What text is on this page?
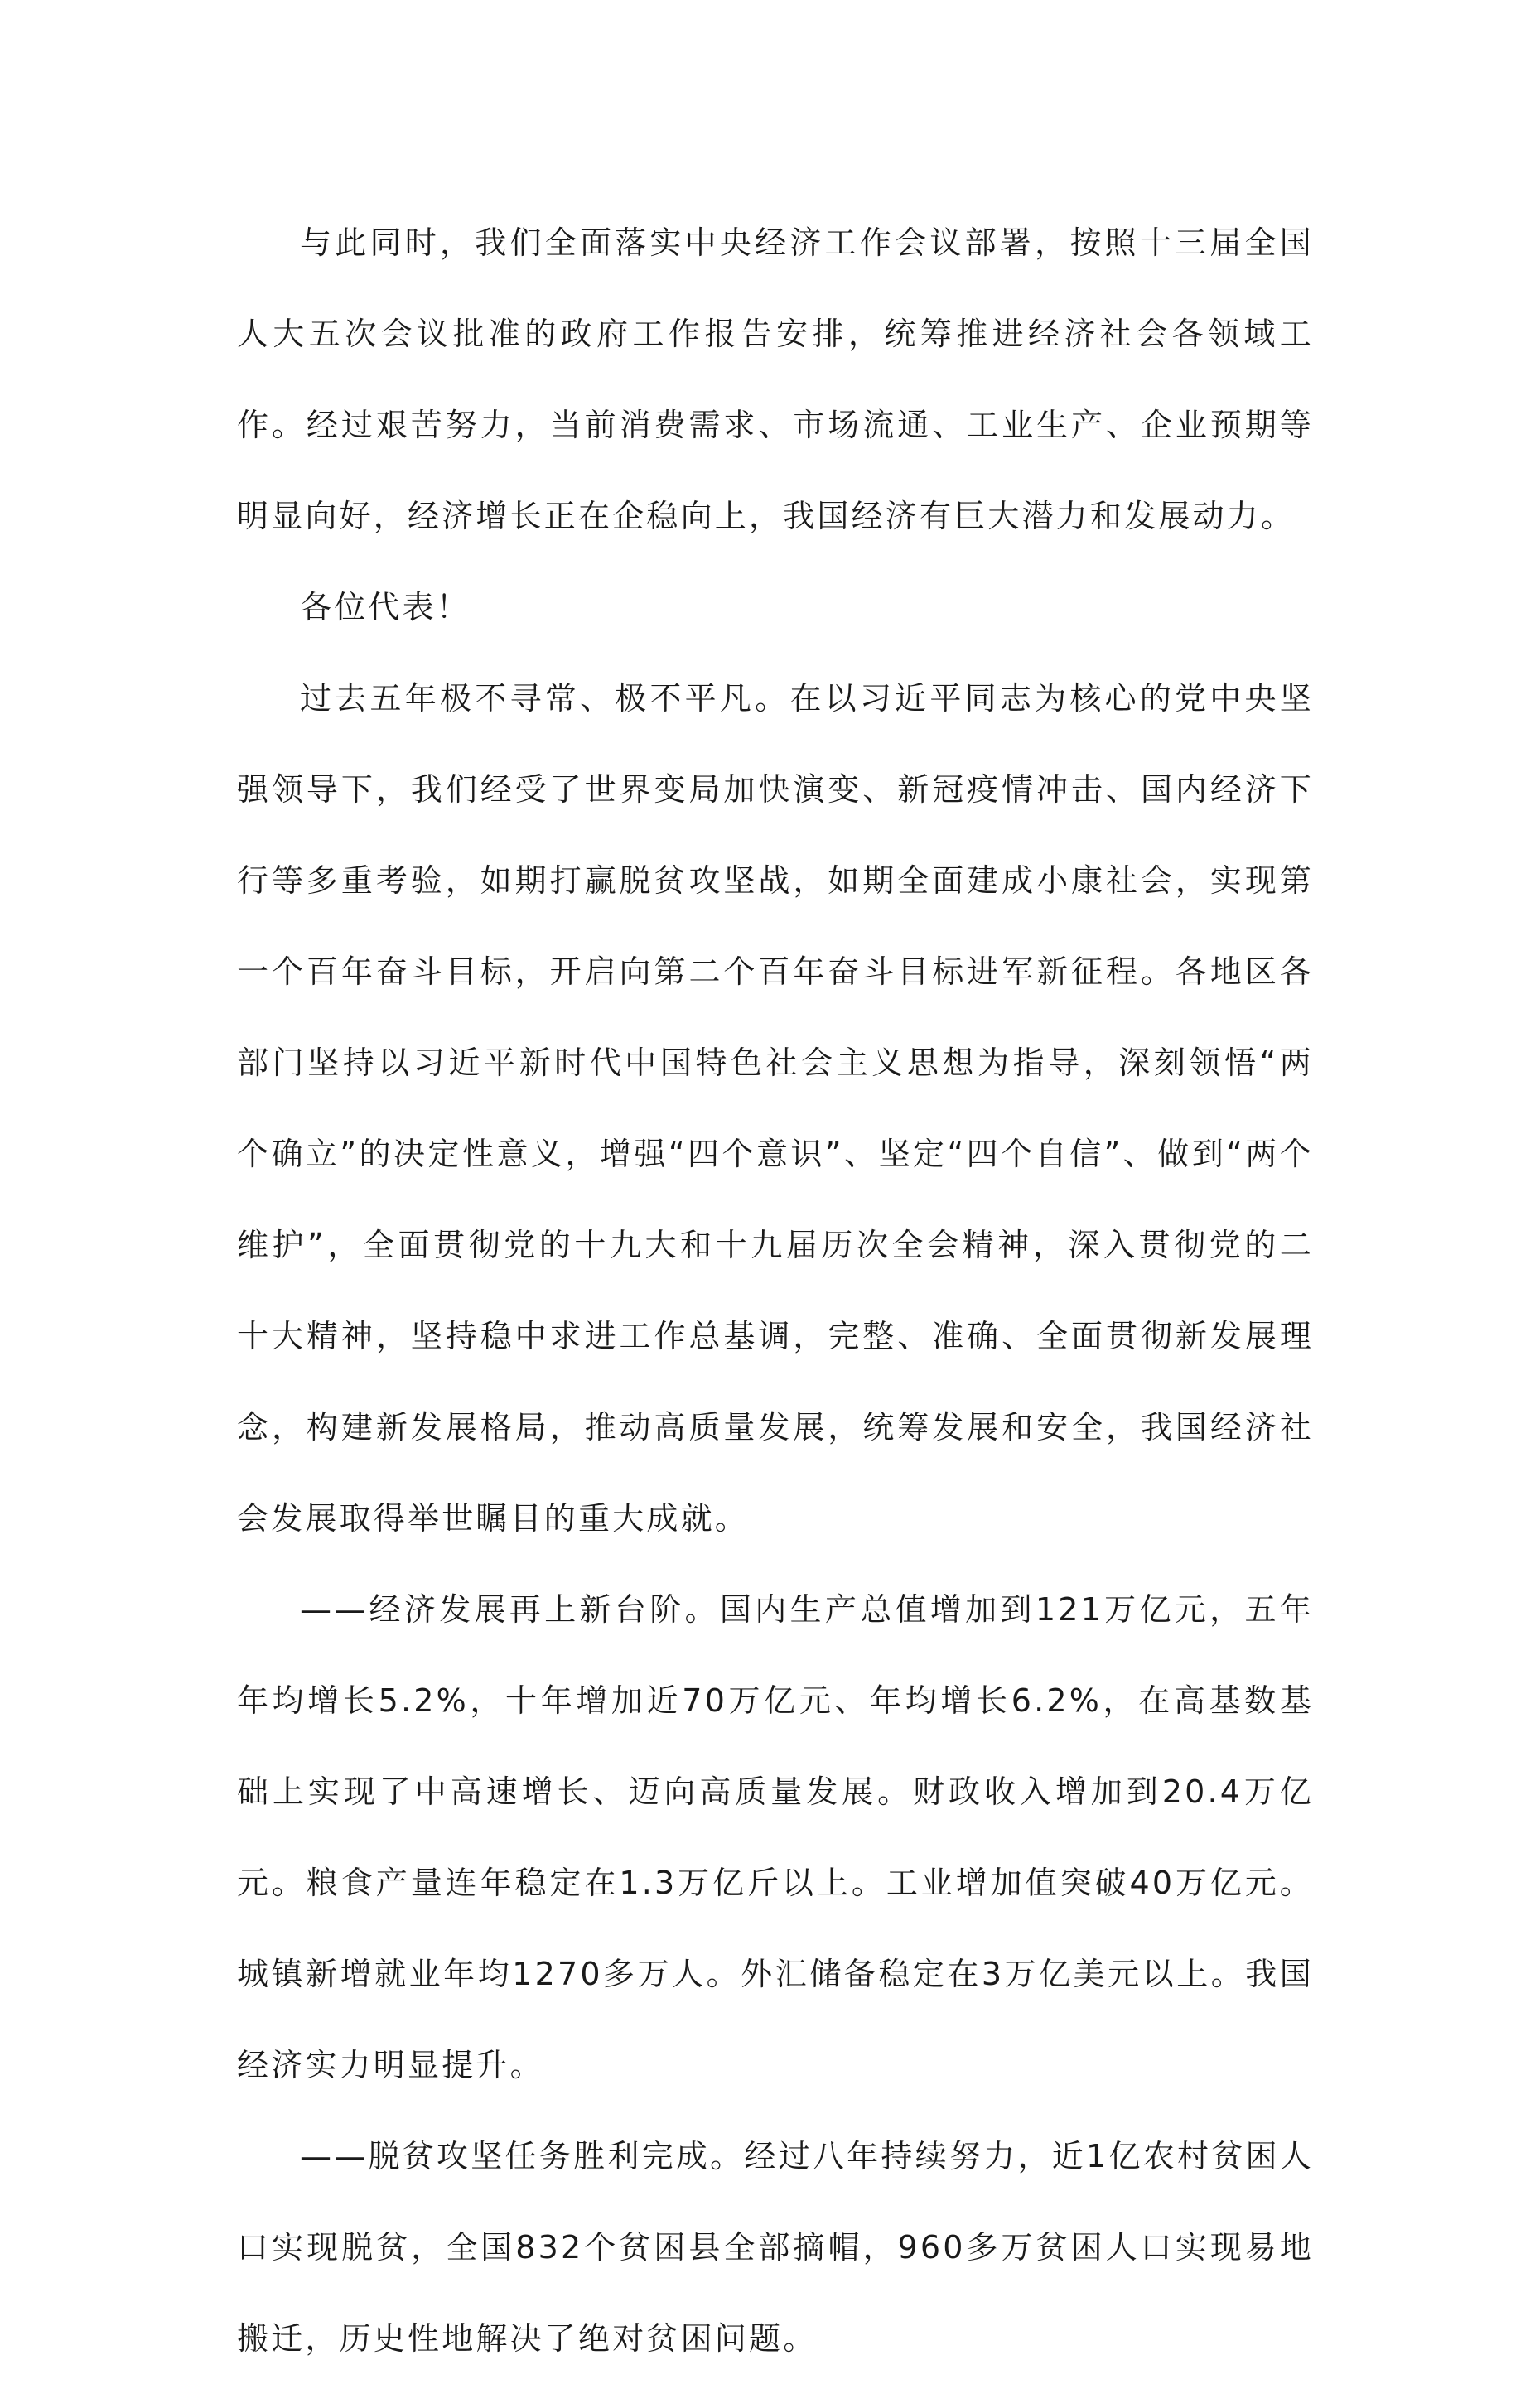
与此同时，我们全面落实中央经济工作会议部署，按照十三届全国人大五次会议批准的政府工作报告安排，统筹推进经济社会各领域工作。经过艰苦努力，当前消费需求、市场流通、工业生产、企业预期等明显向好，经济增长正在企稳向上，我国经济有巨大潜力和发展动力。

各位代表！

过去五年极不寻常、极不平凡。在以习近平同志为核心的党中央坚强领导下，我们经受了世界变局加快演变、新冠疫情冲击、国内经济下行等多重考验，如期打赢脱贫攻坚战，如期全面建成小康社会，实现第一个百年奋斗目标，开启向第二个百年奋斗目标进军新征程。各地区各部门坚持以习近平新时代中国特色社会主义思想为指导，深刻领悟“两个确立”的决定性意义，增强“四个意识”、坚定“四个自信”、做到“两个维护”，全面贯彻党的十九大和十九届历次全会精神，深入贯彻党的二十大精神，坚持稳中求进工作总基调，完整、准确、全面贯彻新发展理念，构建新发展格局，推动高质量发展，统筹发展和安全，我国经济社会发展取得举世瞩目的重大成就。

——经济发展再上新台阶。国内生产总值增加到121万亿元，五年年均增长5.2%，十年增加近70万亿元、年均增长6.2%，在高基数基础上实现了中高速增长、迈向高质量发展。财政收入增加到20.4万亿元。粮食产量连年稳定在1.3万亿斤以上。工业增加值突破40万亿元。城镇新增就业年均1270多万人。外汇储备稳定在3万亿美元以上。我国经济实力明显提升。

——脱贫攻坚任务胜利完成。经过八年持续努力，近1亿农村贫困人口实现脱贫，全国832个贫困县全部摘帽，960多万贫困人口实现易地搬迁，历史性地解决了绝对贫困问题。
